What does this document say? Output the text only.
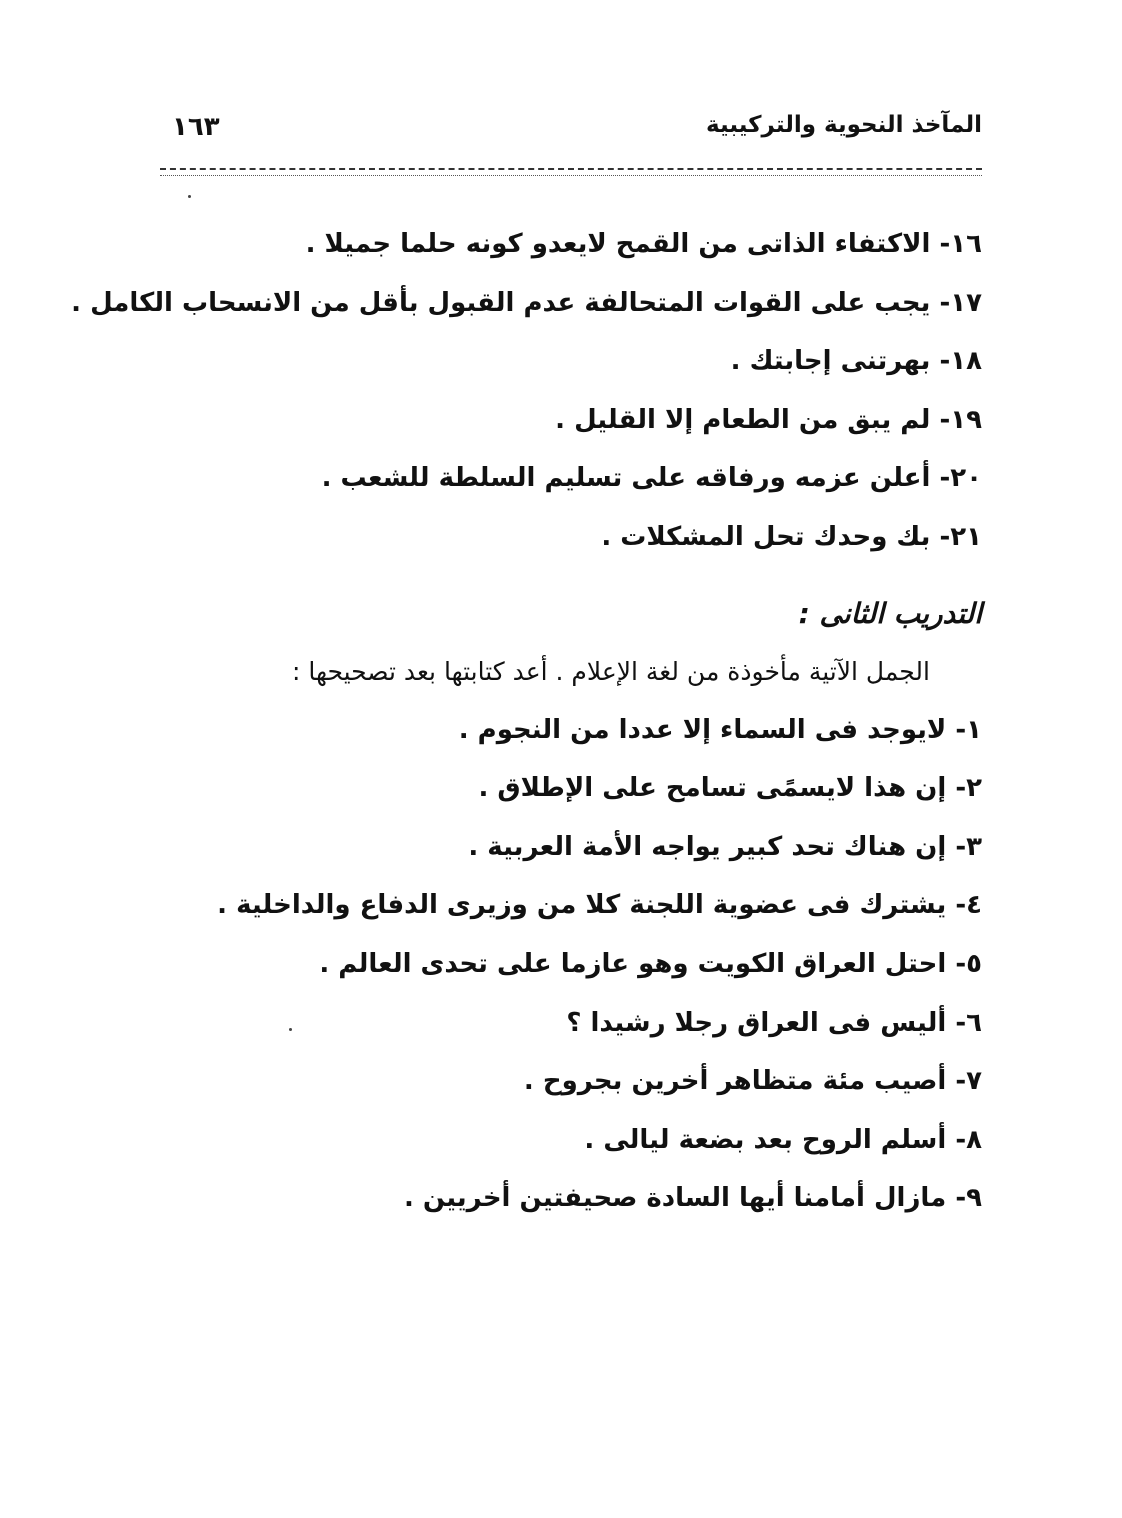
المآخذ النحوية والتركيبية
١٦٣
١٦- الاكتفاء الذاتى من القمح لايعدو كونه حلما جميلا .
١٧- يجب على القوات المتحالفة عدم القبول بأقل من الانسحاب الكامل .
١٨- بهرتنى إجابتك .
١٩- لم يبق من الطعام إلا القليل .
٢٠- أعلن عزمه ورفاقه على تسليم السلطة للشعب .
٢١- بك وحدك تحل المشكلات .
التدريب الثانى :
الجمل الآتية مأخوذة من لغة الإعلام . أعد كتابتها بعد تصحيحها :
١- لايوجد فى السماء إلا عددا من النجوم .
٢- إن هذا لايسمًى تسامح على الإطلاق .
٣- إن هناك تحد كبير يواجه الأمة العربية .
٤- يشترك فى عضوية اللجنة كلا من وزيرى الدفاع والداخلية .
٥- احتل العراق الكويت وهو عازما على تحدى العالم .
٦- أليس فى العراق رجلا رشيدا ؟
٧- أصيب مئة متظاهر أخرين بجروح .
٨- أسلم الروح بعد بضعة ليالى .
٩- مازال أمامنا أيها السادة صحيفتين أخريين .
